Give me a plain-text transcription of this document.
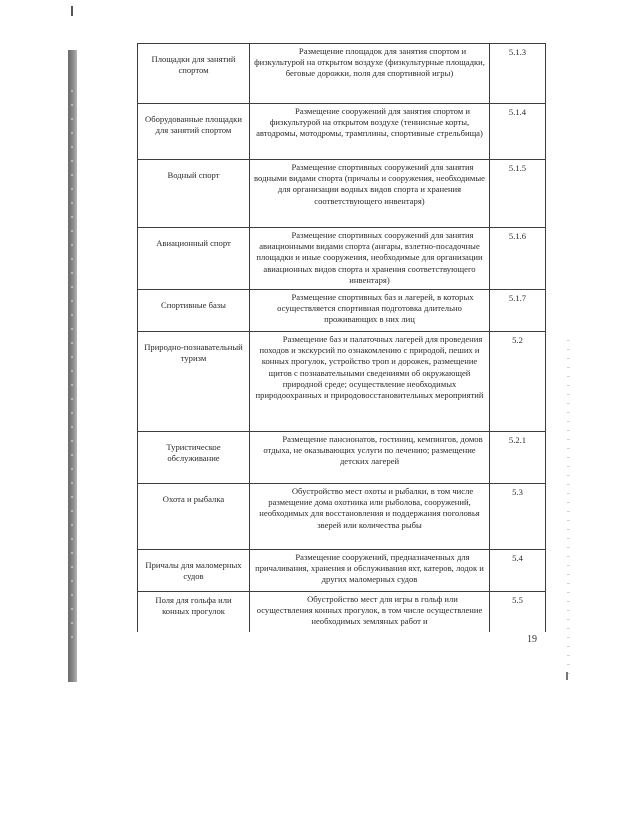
Площадки для занятий спортом	Размещение площадок для занятия спортом и физкультурой на открытом воздухе (физкультурные площадки, беговые дорожки, поля для спортивной игры)	5.1.3
Оборудованные площадки для занятий спортом	Размещение сооружений для занятия спортом и физкультурой на открытом воздухе (теннисные корты, автодромы, мотодромы, трамплины, спортивные стрельбища)	5.1.4
Водный спорт	Размещение спортивных сооружений для занятия водными видами спорта (причалы и сооружения, необходимые для организации водных видов спорта и хранения соответствующего инвентаря)	5.1.5
Авиационный спорт	Размещение спортивных сооружений для занятия авиационными видами спорта (ангары, взлетно-посадочные площадки и иные сооружения, необходимые для организации авиационных видов спорта и хранения соответствующего инвентаря)	5.1.6
Спортивные базы	Размещение спортивных баз и лагерей, в которых осуществляется спортивная подготовка длительно проживающих в них лиц	5.1.7
Природно-познавательный туризм	Размещение баз и палаточных лагерей для проведения походов и экскурсий по ознакомлению с природой, пеших и конных прогулок, устройство троп и дорожек, размещение щитов с познавательными сведениями об окружающей природной среде; осуществление необходимых природоохранных и природовосстановительных мероприятий	5.2
Туристическое обслуживание	Размещение пансионатов, гостиниц, кемпингов, домов отдыха, не оказывающих услуги по лечению; размещение детских лагерей	5.2.1
Охота и рыбалка	Обустройство мест охоты и рыбалки, в том числе размещение дома охотника или рыболова, сооружений, необходимых для восстановления и поддержания поголовья зверей или количества рыбы	5.3
Причалы для маломерных судов	Размещение сооружений, предназначенных для причаливания, хранения и обслуживания яхт, катеров, лодок и других маломерных судов	5.4
Поля для гольфа или конных прогулок	Обустройство мест для игры в гольф или осуществления конных прогулок, в том числе осуществление необходимых земляных работ и	5.5
19
